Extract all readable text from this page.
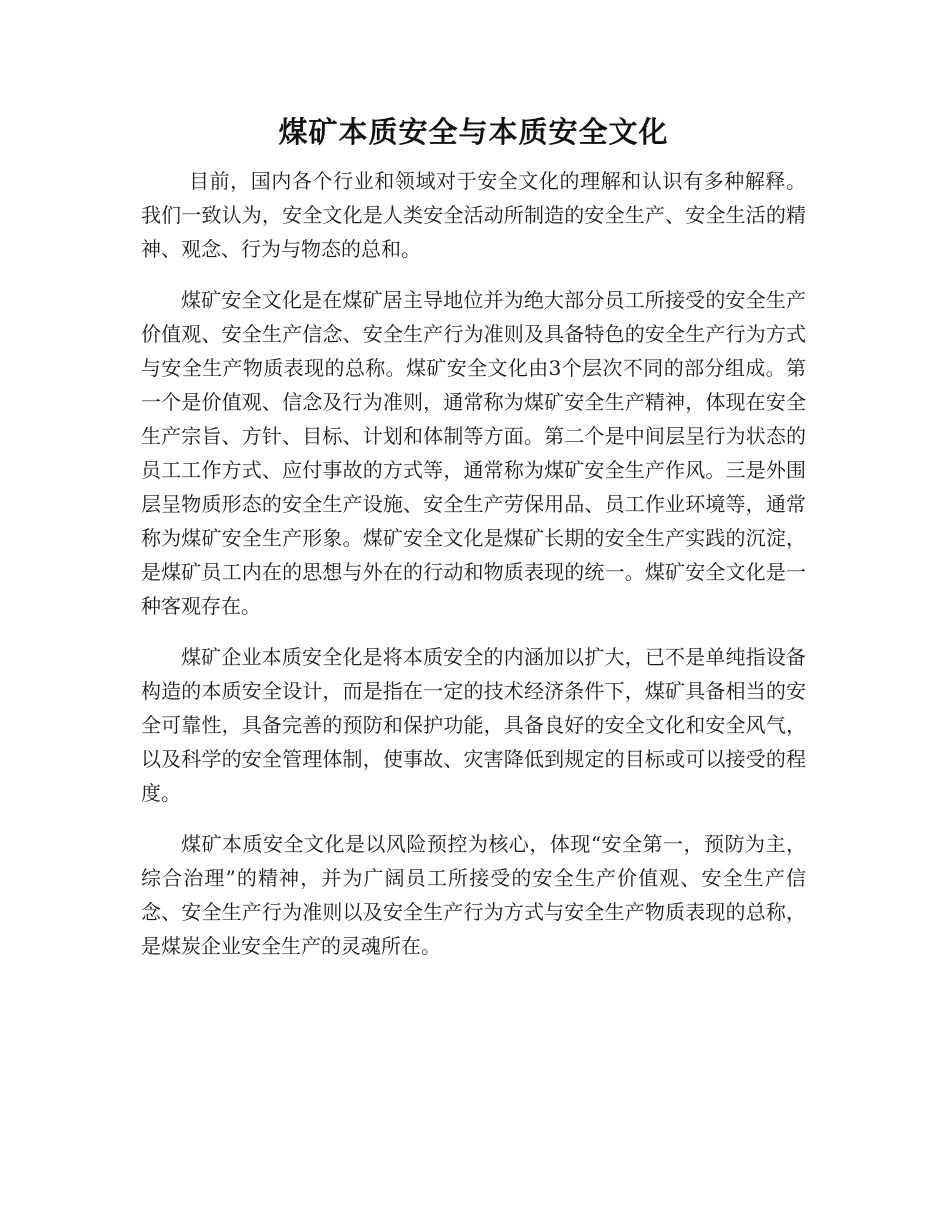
煤矿本质安全与本质安全文化

目前，国内各个行业和领域对于安全文化的理解和认识有多种解释。我们一致认为，安全文化是人类安全活动所制造的安全生产、安全生活的精神、观念、行为与物态的总和。

煤矿安全文化是在煤矿居主导地位并为绝大部分员工所接受的安全生产价值观、安全生产信念、安全生产行为准则及具备特色的安全生产行为方式与安全生产物质表现的总称。煤矿安全文化由3个层次不同的部分组成。第一个是价值观、信念及行为准则，通常称为煤矿安全生产精神，体现在安全生产宗旨、方针、目标、计划和体制等方面。第二个是中间层呈行为状态的员工工作方式、应付事故的方式等，通常称为煤矿安全生产作风。三是外围层呈物质形态的安全生产设施、安全生产劳保用品、员工作业环境等，通常称为煤矿安全生产形象。煤矿安全文化是煤矿长期的安全生产实践的沉淀，是煤矿员工内在的思想与外在的行动和物质表现的统一。煤矿安全文化是一种客观存在。

煤矿企业本质安全化是将本质安全的内涵加以扩大，已不是单纯指设备构造的本质安全设计，而是指在一定的技术经济条件下，煤矿具备相当的安全可靠性，具备完善的预防和保护功能，具备良好的安全文化和安全风气，以及科学的安全管理体制，使事故、灾害降低到规定的目标或可以接受的程度。

煤矿本质安全文化是以风险预控为核心，体现“安全第一，预防为主，综合治理”的精神，并为广阔员工所接受的安全生产价值观、安全生产信念、安全生产行为准则以及安全生产行为方式与安全生产物质表现的总称，是煤炭企业安全生产的灵魂所在。
